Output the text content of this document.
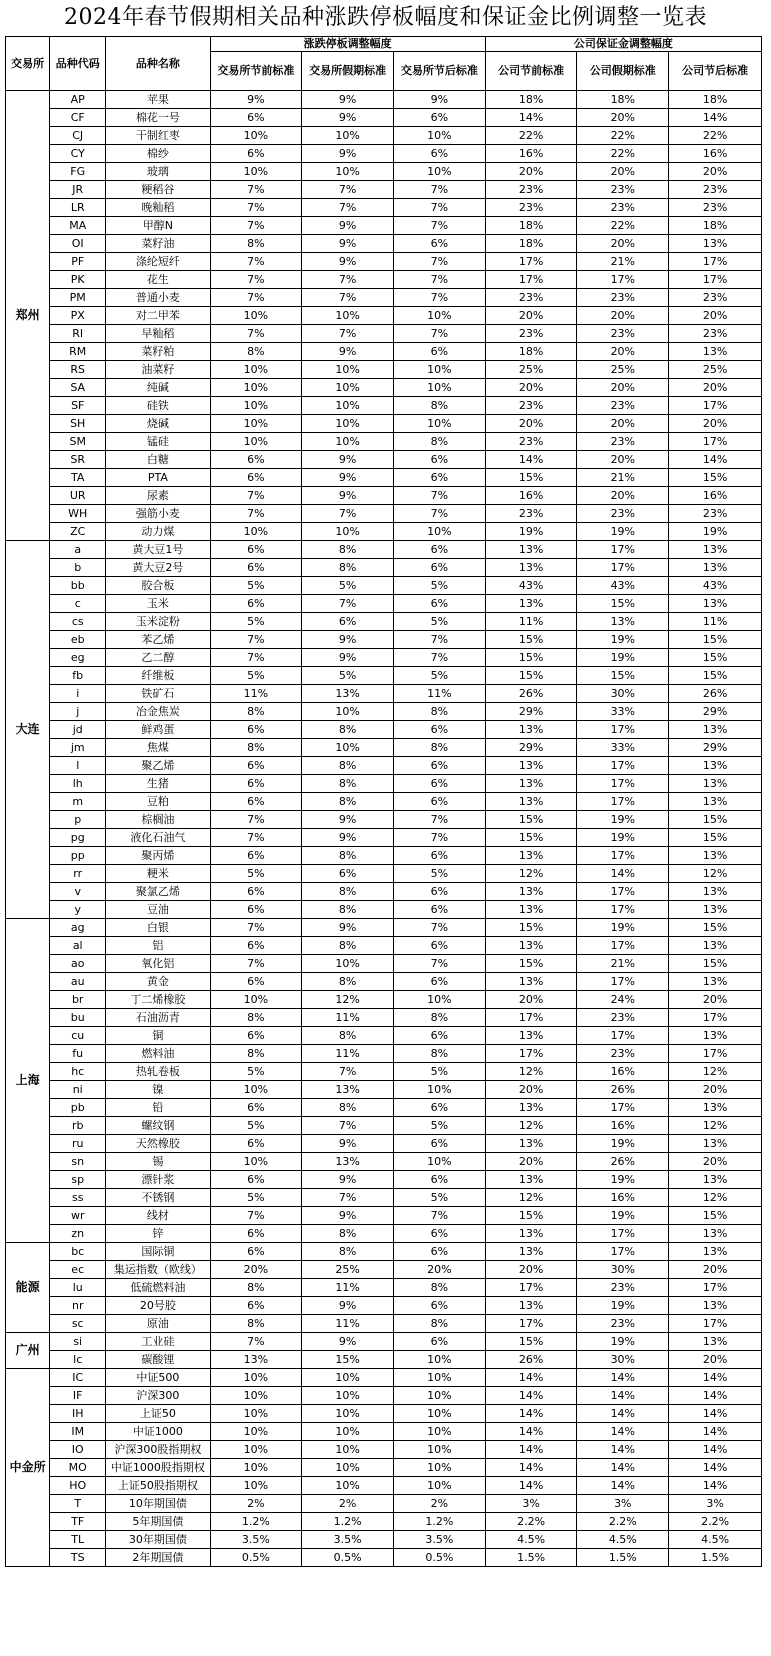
2024年春节假期相关品种涨跌停板幅度和保证金比例调整一览表
交易所	品种代码	品种名称	涨跌停板调整幅度			公司保证金调整幅度		
			交易所节前标准	交易所假期标准	交易所节后标准	公司节前标准	公司假期标准	公司节后标准
郑州	AP	苹果	9%	9%	9%	18%	18%	18%
	CF	棉花一号	6%	9%	6%	14%	20%	14%
	CJ	干制红枣	10%	10%	10%	22%	22%	22%
	CY	棉纱	6%	9%	6%	16%	22%	16%
	FG	玻璃	10%	10%	10%	20%	20%	20%
	JR	粳稻谷	7%	7%	7%	23%	23%	23%
	LR	晚籼稻	7%	7%	7%	23%	23%	23%
	MA	甲醇N	7%	9%	7%	18%	22%	18%
	OI	菜籽油	8%	9%	6%	18%	20%	13%
	PF	涤纶短纤	7%	9%	7%	17%	21%	17%
	PK	花生	7%	7%	7%	17%	17%	17%
	PM	普通小麦	7%	7%	7%	23%	23%	23%
	PX	对二甲苯	10%	10%	10%	20%	20%	20%
	RI	早籼稻	7%	7%	7%	23%	23%	23%
	RM	菜籽粕	8%	9%	6%	18%	20%	13%
	RS	油菜籽	10%	10%	10%	25%	25%	25%
	SA	纯碱	10%	10%	10%	20%	20%	20%
	SF	硅铁	10%	10%	8%	23%	23%	17%
	SH	烧碱	10%	10%	10%	20%	20%	20%
	SM	锰硅	10%	10%	8%	23%	23%	17%
	SR	白糖	6%	9%	6%	14%	20%	14%
	TA	PTA	6%	9%	6%	15%	21%	15%
	UR	尿素	7%	9%	7%	16%	20%	16%
	WH	强筋小麦	7%	7%	7%	23%	23%	23%
	ZC	动力煤	10%	10%	10%	19%	19%	19%
大连	a	黄大豆1号	6%	8%	6%	13%	17%	13%
	b	黄大豆2号	6%	8%	6%	13%	17%	13%
	bb	胶合板	5%	5%	5%	43%	43%	43%
	c	玉米	6%	7%	6%	13%	15%	13%
	cs	玉米淀粉	5%	6%	5%	11%	13%	11%
	eb	苯乙烯	7%	9%	7%	15%	19%	15%
	eg	乙二醇	7%	9%	7%	15%	19%	15%
	fb	纤维板	5%	5%	5%	15%	15%	15%
	i	铁矿石	11%	13%	11%	26%	30%	26%
	j	冶金焦炭	8%	10%	8%	29%	33%	29%
	jd	鲜鸡蛋	6%	8%	6%	13%	17%	13%
	jm	焦煤	8%	10%	8%	29%	33%	29%
	l	聚乙烯	6%	8%	6%	13%	17%	13%
	lh	生猪	6%	8%	6%	13%	17%	13%
	m	豆粕	6%	8%	6%	13%	17%	13%
	p	棕榈油	7%	9%	7%	15%	19%	15%
	pg	液化石油气	7%	9%	7%	15%	19%	15%
	pp	聚丙烯	6%	8%	6%	13%	17%	13%
	rr	粳米	5%	6%	5%	12%	14%	12%
	v	聚氯乙烯	6%	8%	6%	13%	17%	13%
	y	豆油	6%	8%	6%	13%	17%	13%
上海	ag	白银	7%	9%	7%	15%	19%	15%
	al	铝	6%	8%	6%	13%	17%	13%
	ao	氧化铝	7%	10%	7%	15%	21%	15%
	au	黄金	6%	8%	6%	13%	17%	13%
	br	丁二烯橡胶	10%	12%	10%	20%	24%	20%
	bu	石油沥青	8%	11%	8%	17%	23%	17%
	cu	铜	6%	8%	6%	13%	17%	13%
	fu	燃料油	8%	11%	8%	17%	23%	17%
	hc	热轧卷板	5%	7%	5%	12%	16%	12%
	ni	镍	10%	13%	10%	20%	26%	20%
	pb	铅	6%	8%	6%	13%	17%	13%
	rb	螺纹钢	5%	7%	5%	12%	16%	12%
	ru	天然橡胶	6%	9%	6%	13%	19%	13%
	sn	锡	10%	13%	10%	20%	26%	20%
	sp	漂针浆	6%	9%	6%	13%	19%	13%
	ss	不锈钢	5%	7%	5%	12%	16%	12%
	wr	线材	7%	9%	7%	15%	19%	15%
	zn	锌	6%	8%	6%	13%	17%	13%
能源	bc	国际铜	6%	8%	6%	13%	17%	13%
	ec	集运指数（欧线）	20%	25%	20%	20%	30%	20%
	lu	低硫燃料油	8%	11%	8%	17%	23%	17%
	nr	20号胶	6%	9%	6%	13%	19%	13%
	sc	原油	8%	11%	8%	17%	23%	17%
广州	si	工业硅	7%	9%	6%	15%	19%	13%
	lc	碳酸锂	13%	15%	10%	26%	30%	20%
中金所	IC	中证500	10%	10%	10%	14%	14%	14%
	IF	沪深300	10%	10%	10%	14%	14%	14%
	IH	上证50	10%	10%	10%	14%	14%	14%
	IM	中证1000	10%	10%	10%	14%	14%	14%
	IO	沪深300股指期权	10%	10%	10%	14%	14%	14%
	MO	中证1000股指期权	10%	10%	10%	14%	14%	14%
	HO	上证50股指期权	10%	10%	10%	14%	14%	14%
	T	10年期国债	2%	2%	2%	3%	3%	3%
	TF	5年期国债	1.2%	1.2%	1.2%	2.2%	2.2%	2.2%
	TL	30年期国债	3.5%	3.5%	3.5%	4.5%	4.5%	4.5%
	TS	2年期国债	0.5%	0.5%	0.5%	1.5%	1.5%	1.5%
